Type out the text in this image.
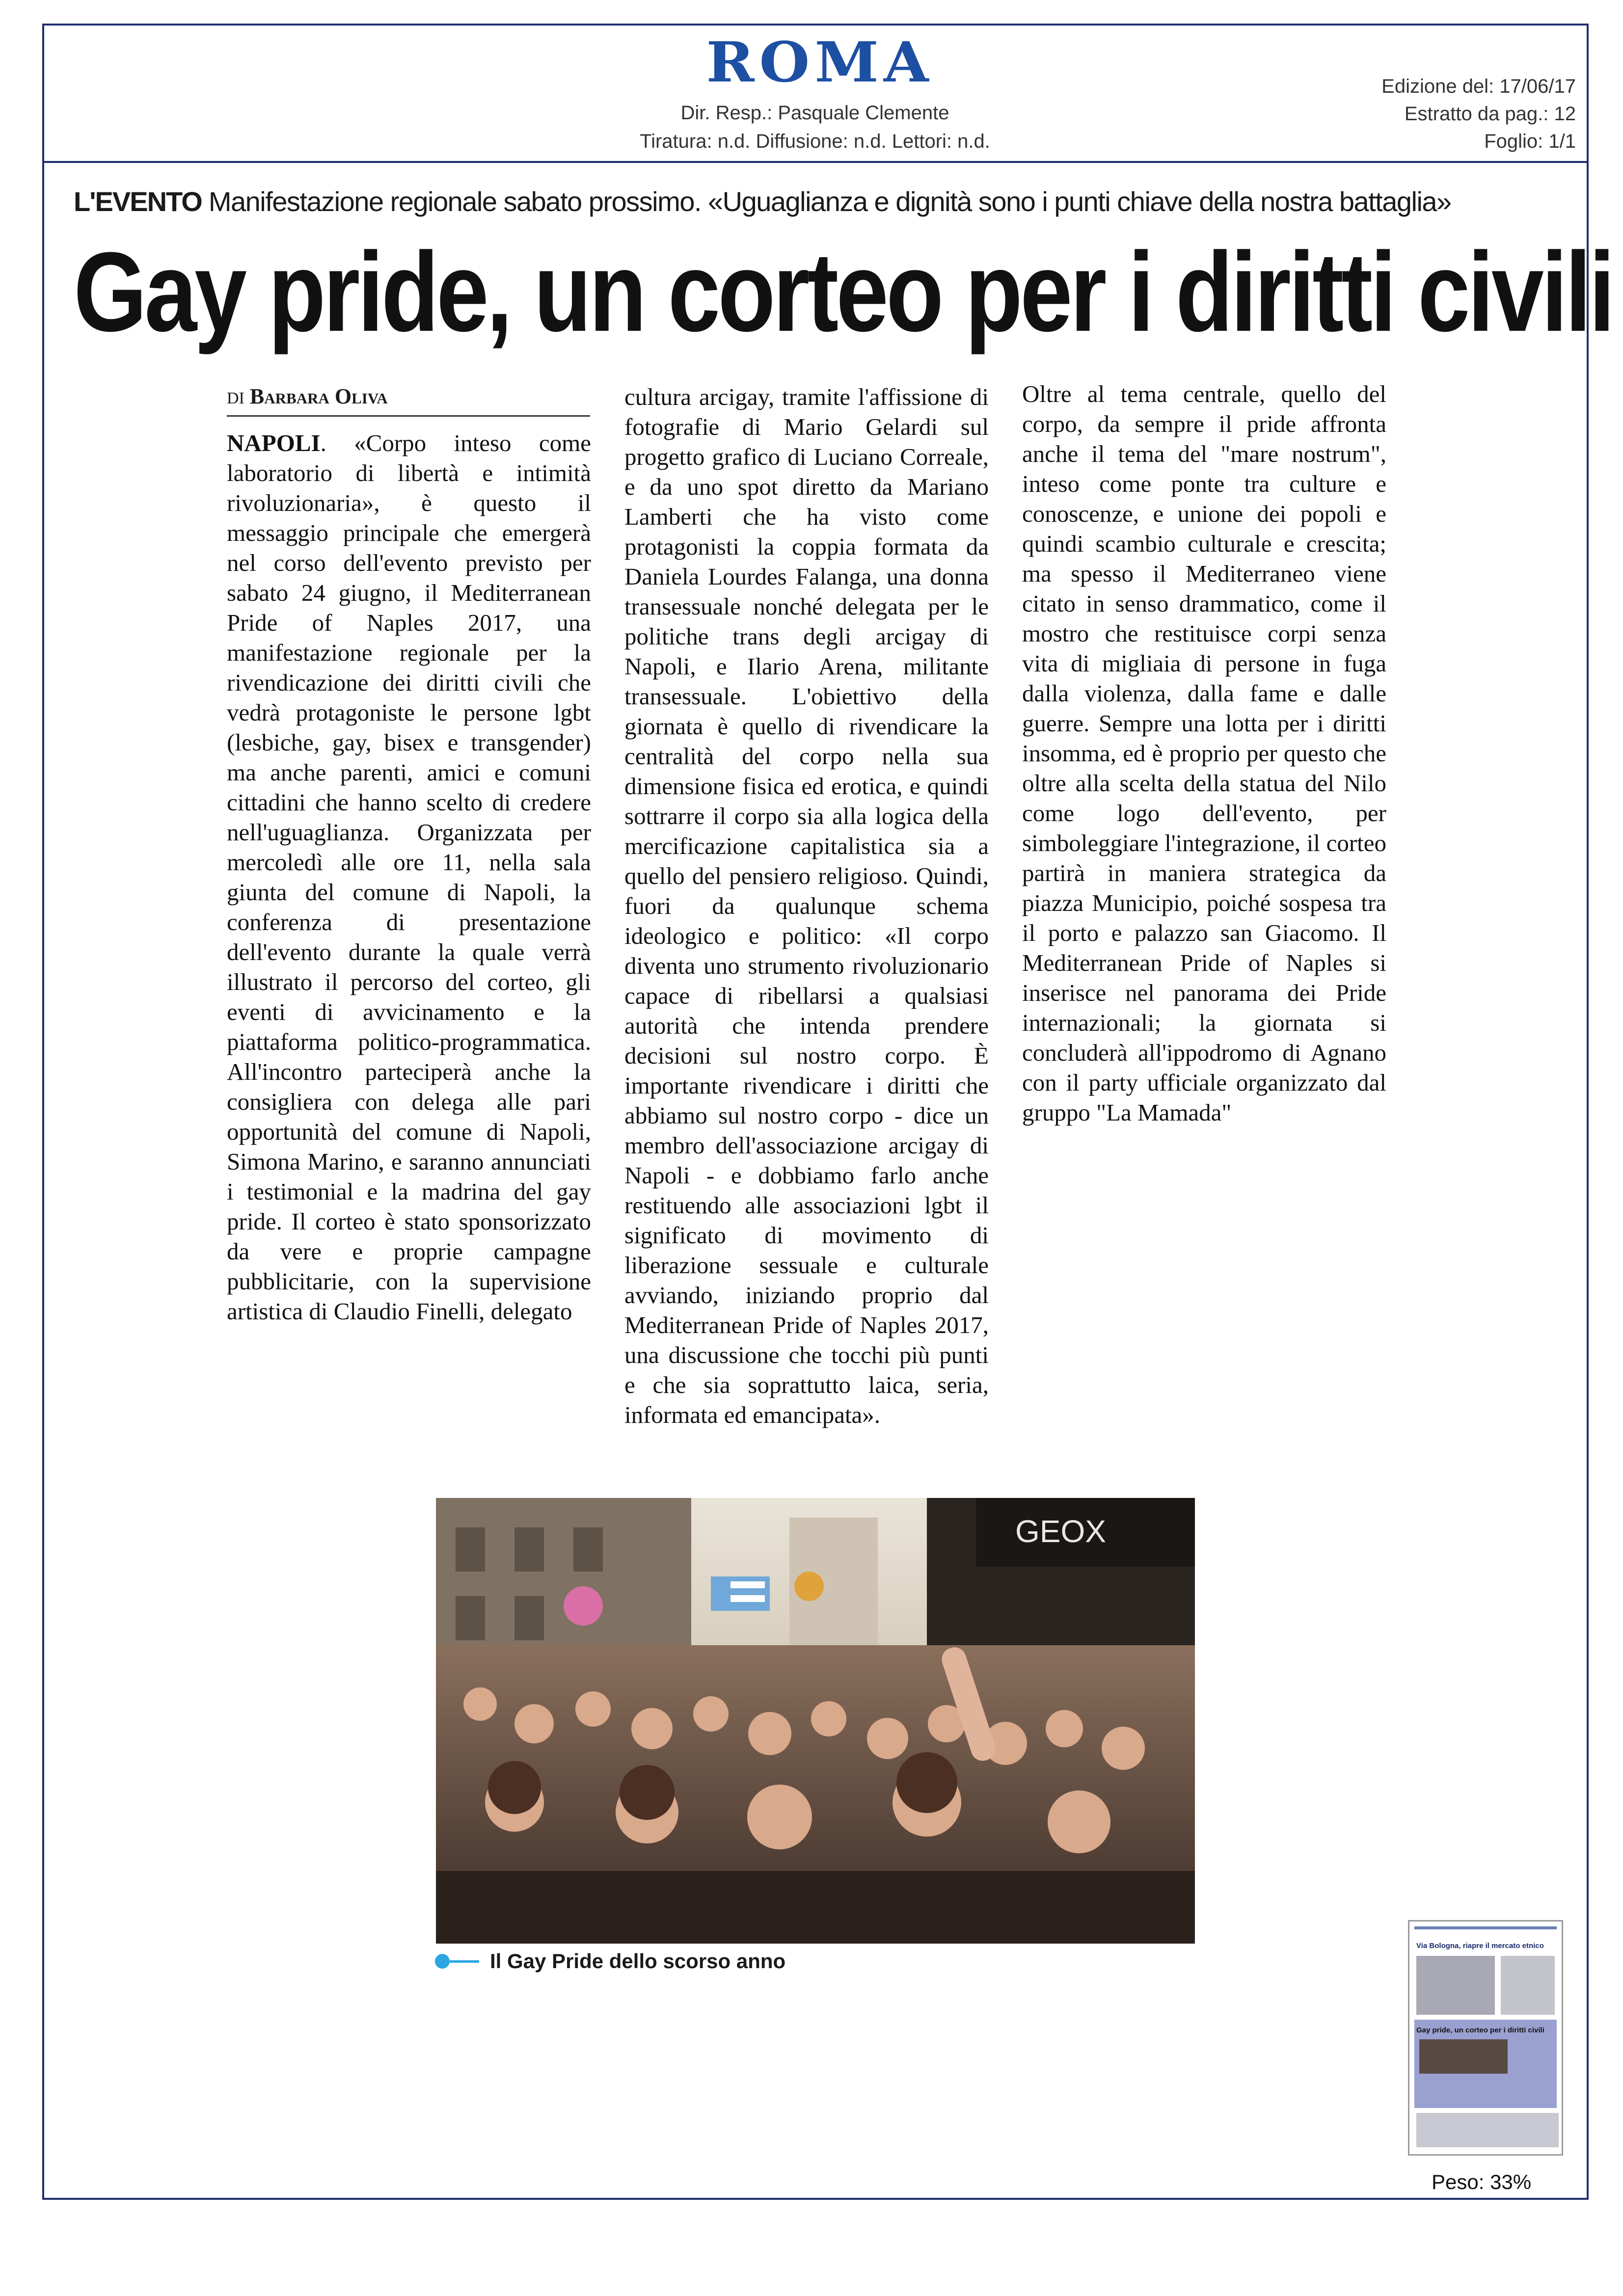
ROMA
Dir. Resp.: Pasquale Clemente
Tiratura: n.d. Diffusione: n.d. Lettori: n.d.
Edizione del: 17/06/17
Estratto da pag.: 12
Foglio: 1/1
L'EVENTO Manifestazione regionale sabato prossimo. «Uguaglianza e dignità sono i punti chiave della nostra battaglia»
Gay pride, un corteo per i diritti civili
DI Barbara Oliva
NAPOLI. «Corpo inteso come laboratorio di libertà e intimità rivoluzionaria», è questo il messaggio principale che emergerà nel corso dell'evento previsto per sabato 24 giugno, il Mediterranean Pride of Naples 2017, una manifestazione regionale per la rivendicazione dei diritti civili che vedrà protagoniste le persone lgbt (lesbiche, gay, bisex e transgender) ma anche parenti, amici e comuni cittadini che hanno scelto di credere nell'uguaglianza. Organizzata per mercoledì alle ore 11, nella sala giunta del comune di Napoli, la conferenza di presentazione dell'evento durante la quale verrà illustrato il percorso del corteo, gli eventi di avvicinamento e la piattaforma politico-programmatica. All'incontro parteciperà anche la consigliera con delega alle pari opportunità del comune di Napoli, Simona Marino, e saranno annunciati i testimonial e la madrina del gay pride. Il corteo è stato sponsorizzato da vere e proprie campagne pubblicitarie, con la supervisione artistica di Claudio Finelli, delegato
cultura arcigay, tramite l'affissione di fotografie di Mario Gelardi sul progetto grafico di Luciano Correale, e da uno spot diretto da Mariano Lamberti che ha visto come protagonisti la coppia formata da Daniela Lourdes Falanga, una donna transessuale nonché delegata per le politiche trans degli arcigay di Napoli, e Ilario Arena, militante transessuale. L'obiettivo della giornata è quello di rivendicare la centralità del corpo nella sua dimensione fisica ed erotica, e quindi sottrarre il corpo sia alla logica della mercificazione capitalistica sia a quello del pensiero religioso. Quindi, fuori da qualunque schema ideologico e politico: «Il corpo diventa uno strumento rivoluzionario capace di ribellarsi a qualsiasi autorità che intenda prendere decisioni sul nostro corpo. È importante rivendicare i diritti che abbiamo sul nostro corpo - dice un membro dell'associazione arcigay di Napoli - e dobbiamo farlo anche restituendo alle associazioni lgbt il significato di movimento di liberazione sessuale e culturale avviando, iniziando proprio dal Mediterranean Pride of Naples 2017, una discussione che tocchi più punti e che sia soprattutto laica, seria, informata ed emancipata».
Oltre al tema centrale, quello del corpo, da sempre il pride affronta anche il tema del "mare nostrum", inteso come ponte tra culture e conoscenze, e unione dei popoli e quindi scambio culturale e crescita; ma spesso il Mediterraneo viene citato in senso drammatico, come il mostro che restituisce corpi senza vita di migliaia di persone in fuga dalla violenza, dalla fame e dalle guerre. Sempre una lotta per i diritti insomma, ed è proprio per questo che oltre alla scelta della statua del Nilo come logo dell'evento, per simboleggiare l'integrazione, il corteo partirà in maniera strategica da piazza Municipio, poiché sospesa tra il porto e palazzo san Giacomo. Il Mediterranean Pride of Naples si inserisce nel panorama dei Pride internazionali; la giornata si concluderà all'ippodromo di Agnano con il party ufficiale organizzato dal gruppo "La Mamada"
GEOX
Il Gay Pride dello scorso anno
Via Bologna, riapre il mercato etnico
Gay pride, un corteo per i diritti civili
Peso: 33%
